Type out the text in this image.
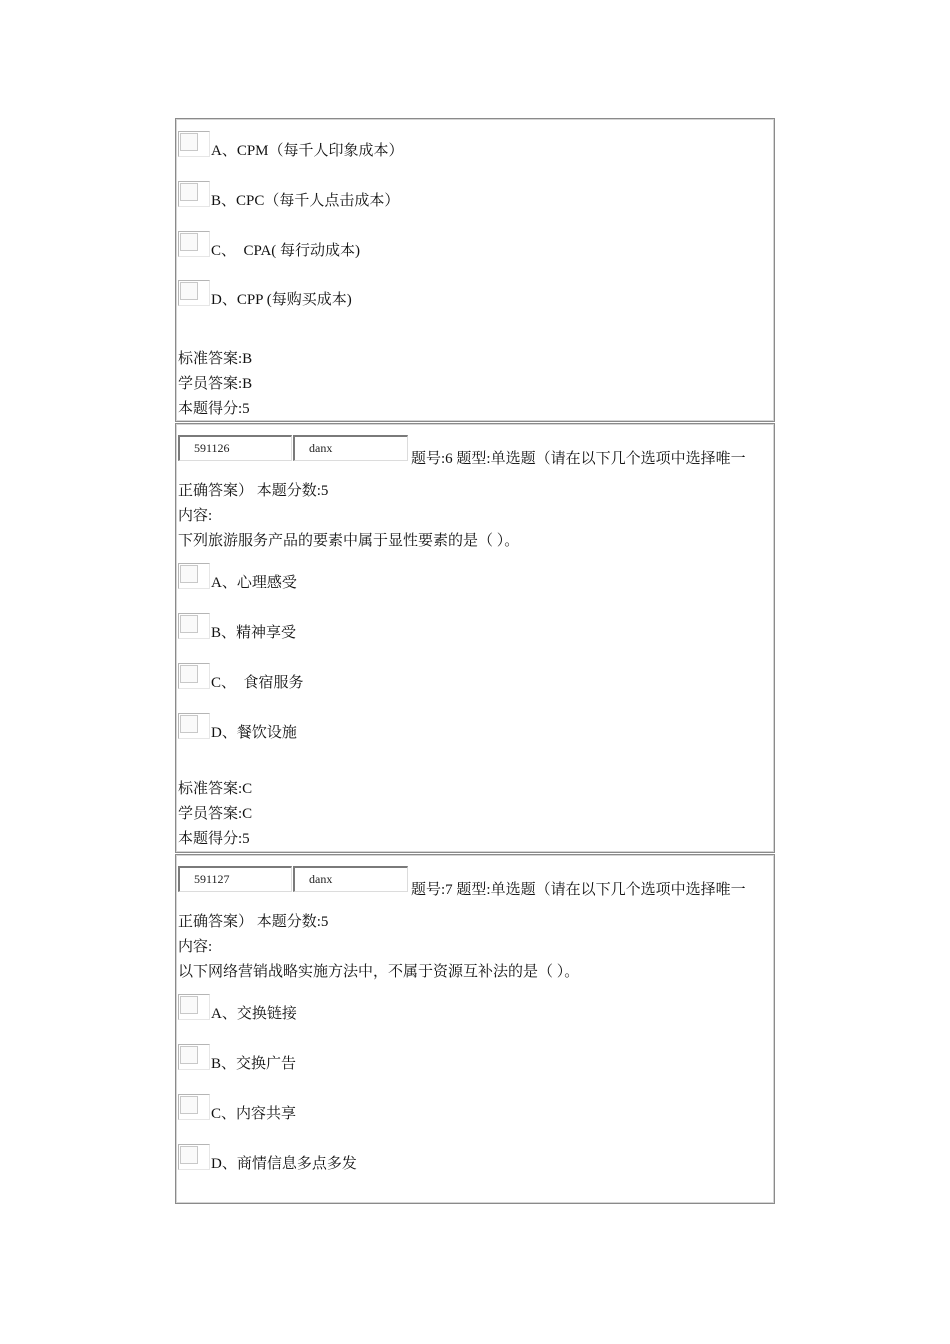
A、CPM（每千人印象成本）
B、CPC（每千人点击成本）
C、　CPA( 每行动成本)
D、CPP (每购买成本)
标准答案:B
学员答案:B
本题得分:5
591126	danx
题号:6 题型:单选题（请在以下几个选项中选择唯一
正确答案） 本题分数:5
内容:
下列旅游服务产品的要素中属于显性要素的是（ ）。
A、心理感受
B、精神享受
C、　食宿服务
D、餐饮设施
标准答案:C
学员答案:C
本题得分:5
591127	danx
题号:7 题型:单选题（请在以下几个选项中选择唯一
正确答案） 本题分数:5
内容:
以下网络营销战略实施方法中，不属于资源互补法的是（ ）。
A、交换链接
B、交换广告
C、内容共享
D、商情信息多点多发
